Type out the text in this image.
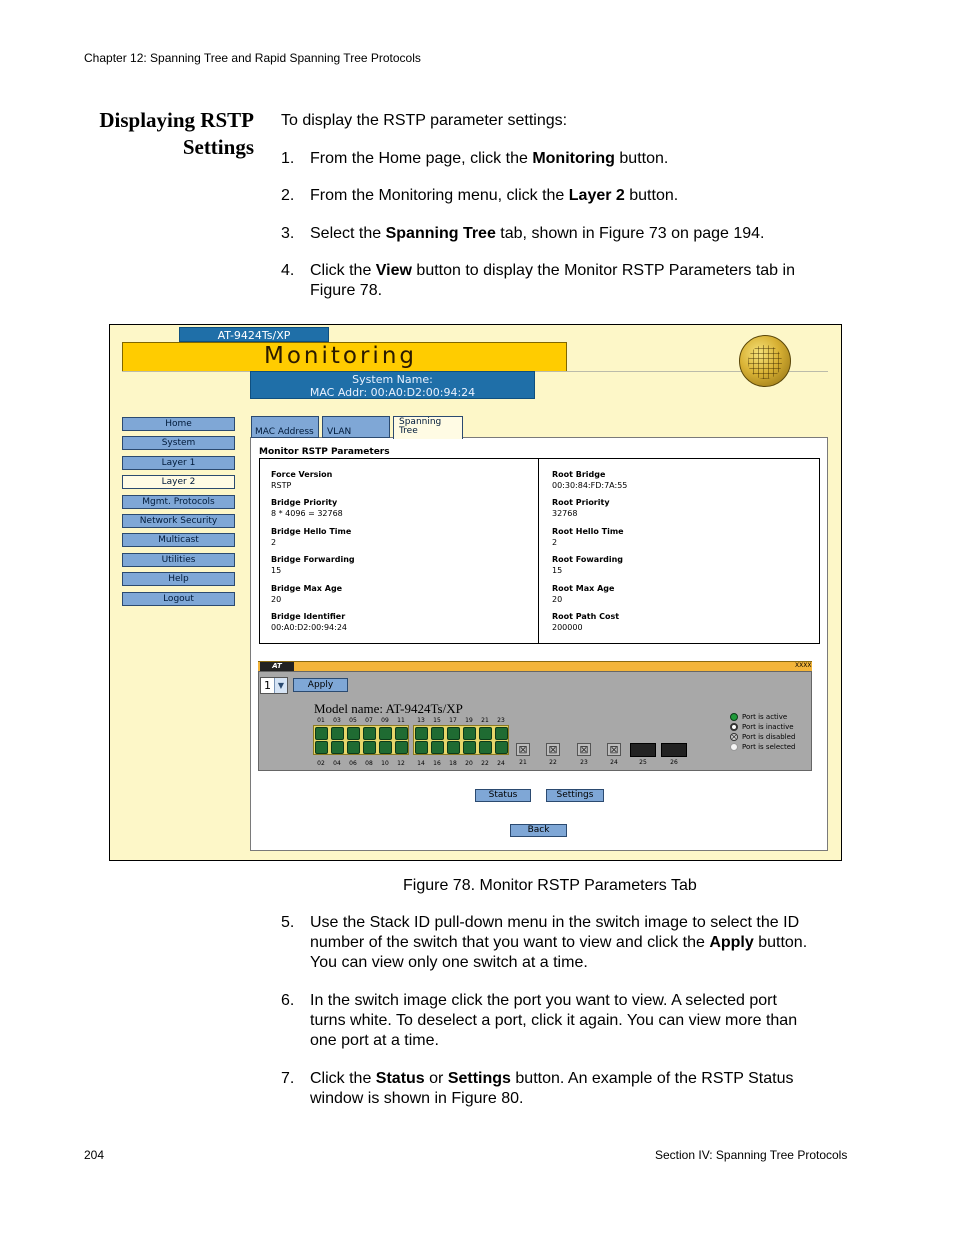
Chapter 12: Spanning Tree and Rapid Spanning Tree Protocols
Displaying RSTP
Settings
To display the RSTP parameter settings:
1. From the Home page, click the Monitoring button.
2. From the Monitoring menu, click the Layer 2 button.
3. Select the Spanning Tree tab, shown in Figure 73 on page 194.
4. Click the View button to display the Monitor RSTP Parameters tab in
Figure 78.
AT-9424Ts/XP
Monitoring
System Name:
MAC Addr: 00:A0:D2:00:94:24
Home
System
Layer 1
Layer 2
Mgmt. Protocols
Network Security
Multicast
Utilities
Help
Logout
MAC Address VLAN
Spanning
Tree
Monitor RSTP Parameters
Force Version
RSTP
Bridge Priority
8 * 4096 = 32768
Bridge Hello Time
2
Bridge Forwarding
15
Bridge Max Age
20
Bridge Identifier
00:A0:D2:00:94:24
Root Bridge
00:30:84:FD:7A:55
Root Priority
32768
Root Hello Time
2
Root Fowarding
15
Root Max Age
20
Root Path Cost
200000
AT	XXXX
1 ▼	Apply
Model name: AT-9424Ts/XP
Port is active
Port is inactive
× Port is disabled
Port is selected
Status	Settings
Back
01
02
03
04
05
06
07
08
09
10
11
12
13
14
15
16
17
18
19
20
21
22
23
24
⊠
21
⊠
22
⊠
23
⊠
24	25	26
Figure 78. Monitor RSTP Parameters Tab
5. Use the Stack ID pull-down menu in the switch image to select the ID
number of the switch that you want to view and click the Apply button.
You can view only one switch at a time.
6. In the switch image click the port you want to view. A selected port
turns white. To deselect a port, click it again. You can view more than
one port at a time.
7. Click the Status or Settings button. An example of the RSTP Status
window is shown in Figure 80.
204	Section IV: Spanning Tree Protocols
